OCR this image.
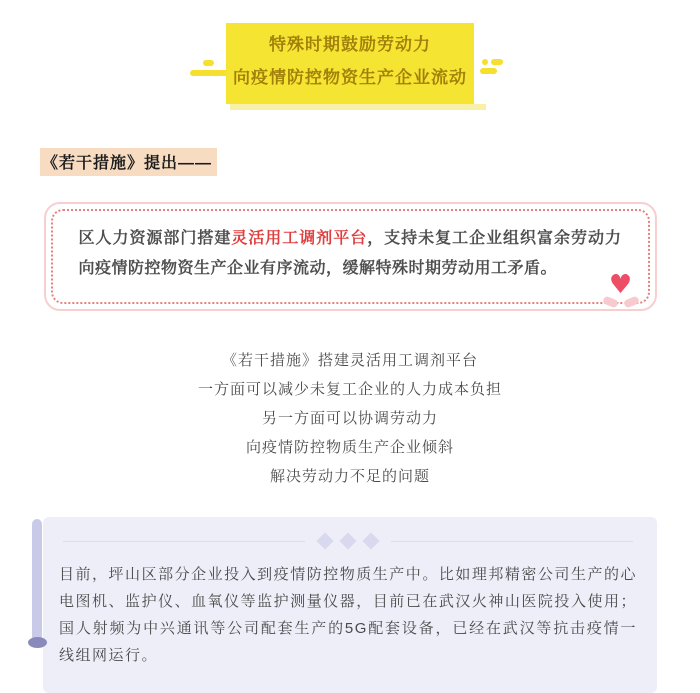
特殊时期鼓励劳动力
向疫情防控物资生产企业流动
《若干措施》提出——
区人力资源部门搭建灵活用工调剂平台，支持未复工企业组织富余劳动力向疫情防控物资生产企业有序流动，缓解特殊时期劳动用工矛盾。
♥

《若干措施》搭建灵活用工调剂平台

一方面可以减少未复工企业的人力成本负担

另一方面可以协调劳动力

向疫情防控物质生产企业倾斜

解决劳动力不足的问题

目前，坪山区部分企业投入到疫情防控物质生产中。比如理邦精密公司生产的心电图机、监护仪、血氧仪等监护测量仪器，目前已在武汉火神山医院投入使用；国人射频为中兴通讯等公司配套生产的5G配套设备，已经在武汉等抗击疫情一线组网运行。
